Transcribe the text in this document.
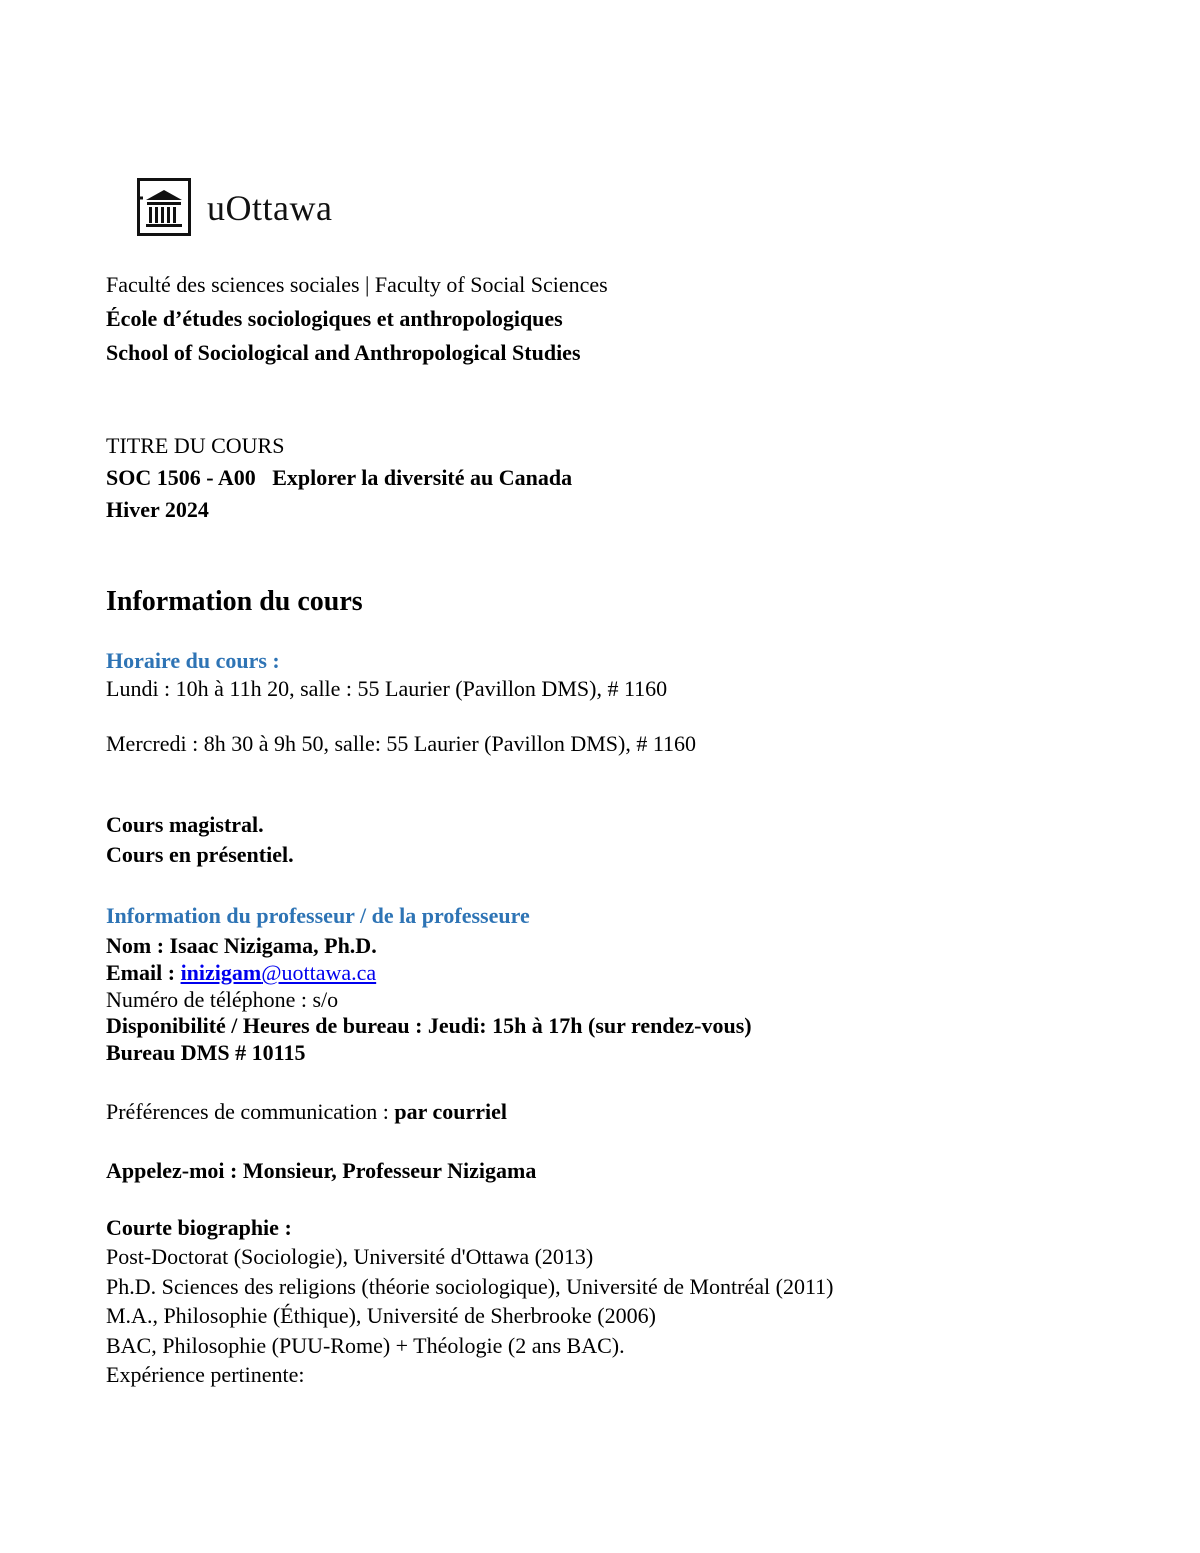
uOttawa
Faculté des sciences sociales | Faculty of Social Sciences
École d’études sociologiques et anthropologiques
School of Sociological and Anthropological Studies
TITRE DU COURS
SOC 1506 - A00 Explorer la diversité au Canada
Hiver 2024
Information du cours
Horaire du cours :
Lundi : 10h à 11h 20, salle : 55 Laurier (Pavillon DMS), # 1160
Mercredi : 8h 30 à 9h 50, salle: 55 Laurier (Pavillon DMS), # 1160
Cours magistral.
Cours en présentiel.
Information du professeur / de la professeure
Nom : Isaac Nizigama, Ph.D.
Email : inizigam@uottawa.ca
Numéro de téléphone : s/o
Disponibilité / Heures de bureau : Jeudi: 15h à 17h (sur rendez-vous)
Bureau DMS # 10115
Préférences de communication : par courriel
Appelez-moi : Monsieur, Professeur Nizigama
Courte biographie :
Post-Doctorat (Sociologie), Université d'Ottawa (2013)
Ph.D. Sciences des religions (théorie sociologique), Université de Montréal (2011)
M.A., Philosophie (Éthique), Université de Sherbrooke (2006)
BAC, Philosophie (PUU-Rome) + Théologie (2 ans BAC).
Expérience pertinente:
